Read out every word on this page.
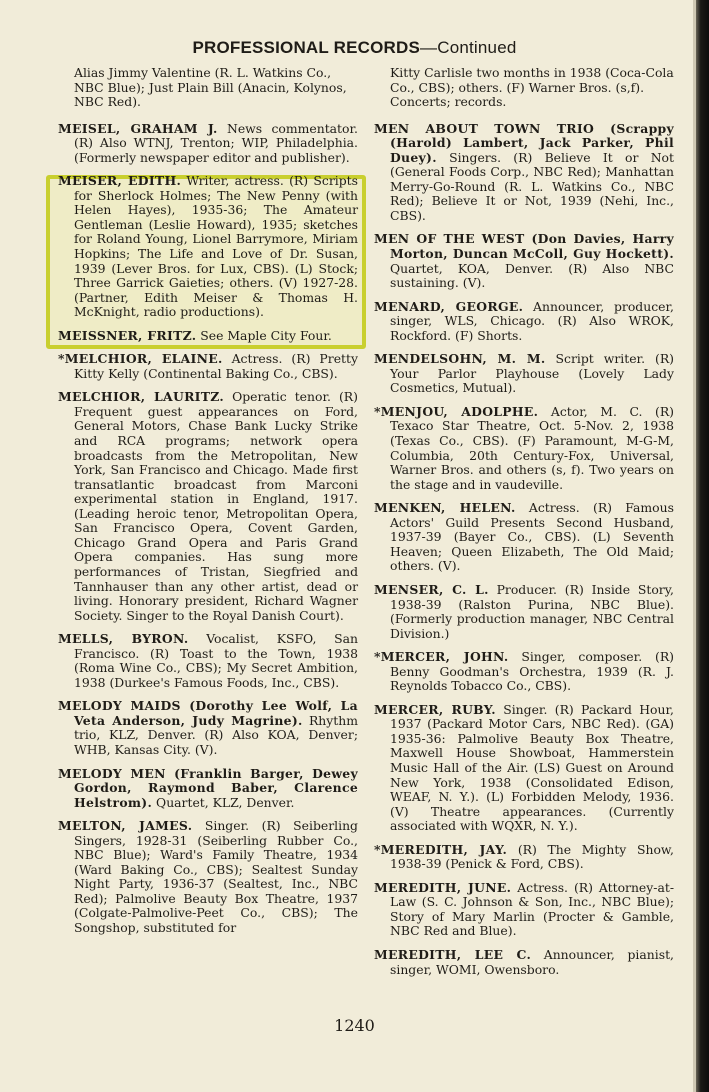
PROFESSIONAL RECORDS—Continued
Alias Jimmy Valentine (R. L. Watkins Co., NBC Blue); Just Plain Bill (Anacin, Kolynos, NBC Red).
MEISEL, GRAHAM J. News commentator. (R) Also WTNJ, Trenton; WIP, Philadelphia. (Formerly newspaper editor and publisher).
MEISER, EDITH. Writer, actress. (R) Scripts for Sherlock Holmes; The New Penny (with Helen Hayes), 1935-36; The Amateur Gentleman (Leslie Howard), 1935; sketches for Roland Young, Lionel Barrymore, Miriam Hopkins; The Life and Love of Dr. Susan, 1939 (Lever Bros. for Lux, CBS). (L) Stock; Three Garrick Gaieties; others. (V) 1927-28. (Partner, Edith Meiser & Thomas H. McKnight, radio productions).
MEISSNER, FRITZ. See Maple City Four.
*MELCHIOR, ELAINE. Actress. (R) Pretty Kitty Kelly (Continental Baking Co., CBS).
MELCHIOR, LAURITZ. Operatic tenor. (R) Frequent guest appearances on Ford, General Motors, Chase Bank Lucky Strike and RCA programs; network opera broadcasts from the Metropolitan, New York, San Francisco and Chicago. Made first transatlantic broadcast from Marconi experimental station in England, 1917. (Leading heroic tenor, Metropolitan Opera, San Francisco Opera, Covent Garden, Chicago Grand Opera and Paris Grand Opera companies. Has sung more performances of Tristan, Siegfried and Tannhauser than any other artist, dead or living. Honorary president, Richard Wagner Society. Singer to the Royal Danish Court).
MELLS, BYRON. Vocalist, KSFO, San Francisco. (R) Toast to the Town, 1938 (Roma Wine Co., CBS); My Secret Ambition, 1938 (Durkee's Famous Foods, Inc., CBS).
MELODY MAIDS (Dorothy Lee Wolf, La Veta Anderson, Judy Magrine). Rhythm trio, KLZ, Denver. (R) Also KOA, Denver; WHB, Kansas City. (V).
MELODY MEN (Franklin Barger, Dewey Gordon, Raymond Baber, Clarence Helstrom). Quartet, KLZ, Denver.
MELTON, JAMES. Singer. (R) Seiberling Singers, 1928-31 (Seiberling Rubber Co., NBC Blue); Ward's Family Theatre, 1934 (Ward Baking Co., CBS); Sealtest Sunday Night Party, 1936-37 (Sealtest, Inc., NBC Red); Palmolive Beauty Box Theatre, 1937 (Colgate-Palmolive-Peet Co., CBS); The Songshop, substituted for
Kitty Carlisle two months in 1938 (Coca-Cola Co., CBS); others. (F) Warner Bros. (s,f). Concerts; records.
MEN ABOUT TOWN TRIO (Scrappy (Harold) Lambert, Jack Parker, Phil Duey). Singers. (R) Believe It or Not (General Foods Corp., NBC Red); Manhattan Merry-Go-Round (R. L. Watkins Co., NBC Red); Believe It or Not, 1939 (Nehi, Inc., CBS).
MEN OF THE WEST (Don Davies, Harry Morton, Duncan McColl, Guy Hockett). Quartet, KOA, Denver. (R) Also NBC sustaining. (V).
MENARD, GEORGE. Announcer, producer, singer, WLS, Chicago. (R) Also WROK, Rockford. (F) Shorts.
MENDELSOHN, M. M. Script writer. (R) Your Parlor Playhouse (Lovely Lady Cosmetics, Mutual).
*MENJOU, ADOLPHE. Actor, M. C. (R) Texaco Star Theatre, Oct. 5-Nov. 2, 1938 (Texas Co., CBS). (F) Paramount, M-G-M, Columbia, 20th Century-Fox, Universal, Warner Bros. and others (s, f). Two years on the stage and in vaudeville.
MENKEN, HELEN. Actress. (R) Famous Actors' Guild Presents Second Husband, 1937-39 (Bayer Co., CBS). (L) Seventh Heaven; Queen Elizabeth, The Old Maid; others. (V).
MENSER, C. L. Producer. (R) Inside Story, 1938-39 (Ralston Purina, NBC Blue). (Formerly production manager, NBC Central Division.)
*MERCER, JOHN. Singer, composer. (R) Benny Goodman's Orchestra, 1939 (R. J. Reynolds Tobacco Co., CBS).
MERCER, RUBY. Singer. (R) Packard Hour, 1937 (Packard Motor Cars, NBC Red). (GA) 1935-36: Palmolive Beauty Box Theatre, Maxwell House Showboat, Hammerstein Music Hall of the Air. (LS) Guest on Around New York, 1938 (Consolidated Edison, WEAF, N. Y.). (L) Forbidden Melody, 1936. (V) Theatre appearances. (Currently associated with WQXR, N. Y.).
*MEREDITH, JAY. (R) The Mighty Show, 1938-39 (Penick & Ford, CBS).
MEREDITH, JUNE. Actress. (R) Attorney-at-Law (S. C. Johnson & Son, Inc., NBC Blue); Story of Mary Marlin (Procter & Gamble, NBC Red and Blue).
MEREDITH, LEE C. Announcer, pianist, singer, WOMI, Owensboro.
1240
